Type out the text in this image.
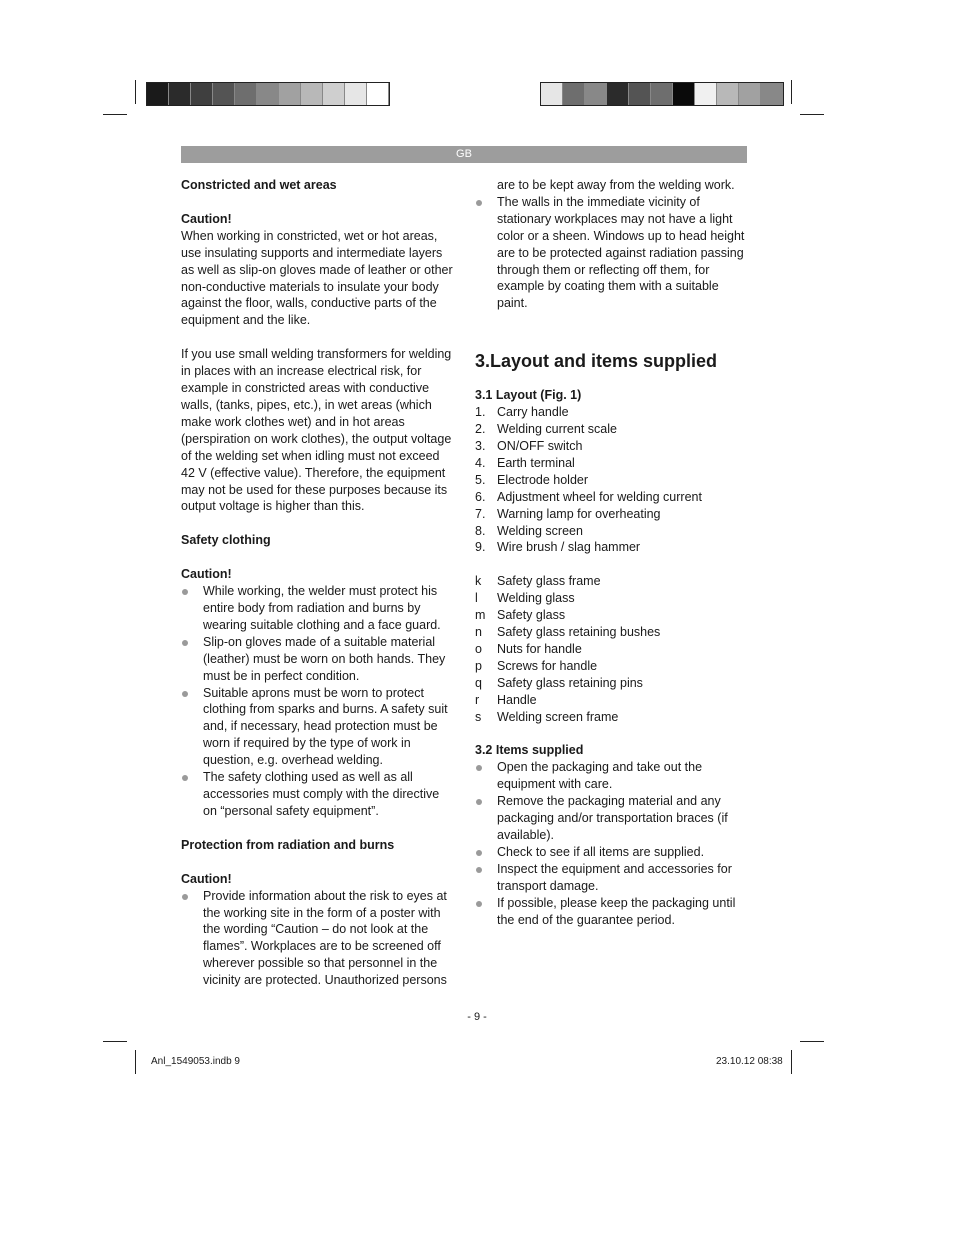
GB

Constricted and wet areas

Caution!

When working in constricted, wet or hot areas, use insulating supports and intermediate layers as well as slip-on gloves made of leather or other non-conductive materials to insulate your body against the floor, walls, conductive parts of the equipment and the like.

If you use small welding transformers for welding in places with an increase electrical risk, for example in constricted areas with conductive walls, (tanks, pipes, etc.), in wet areas (which make work clothes wet) and in hot areas (perspiration on work clothes), the output voltage of the welding set when idling must not exceed 42 V (effective value). Therefore, the equipment may not be used for these purposes because its output voltage is higher than this.

Safety clothing

Caution!

While working, the welder must protect his entire body from radiation and burns by wearing suitable clothing and a face guard.
Slip-on gloves made of a suitable material (leather) must be worn on both hands. They must be in perfect condition.
Suitable aprons must be worn to protect clothing from sparks and burns. A safety suit and, if necessary, head protection must be worn if required by the type of work in question, e.g. overhead welding.
The safety clothing used as well as all accessories must comply with the directive on “personal safety equipment”.

Protection from radiation and burns

Caution!

Provide information about the risk to eyes at the working site in the form of a poster with the wording “Caution – do not look at the flames”. Workplaces are to be screened off wherever possible so that personnel in the vicinity are protected. Unauthorized persons

are to be kept away from the welding work.

The walls in the immediate vicinity of stationary workplaces may not have a light color or a sheen. Windows up to head height are to be protected against radiation passing through them or reflecting off them, for example by coating them with a suitable paint.

3.Layout and items supplied

3.1 Layout (Fig. 1)

1. Carry handle
2. Welding current scale
3. ON/OFF switch
4. Earth terminal
5. Electrode holder
6. Adjustment wheel for welding current
7. Warning lamp for overheating
8. Welding screen
9. Wire brush / slag hammer
k Safety glass frame
l Welding glass
m Safety glass
n Safety glass retaining bushes
o Nuts for handle
p Screws for handle
q Safety glass retaining pins
r Handle
s Welding screen frame

3.2 Items supplied

Open the packaging and take out the equipment with care.
Remove the packaging material and any packaging and/or transportation braces (if available).
Check to see if all items are supplied.
Inspect the equipment and accessories for transport damage.
If possible, please keep the packaging until the end of the guarantee period.
- 9 -
Anl_1549053.indb 9	23.10.12 08:38
